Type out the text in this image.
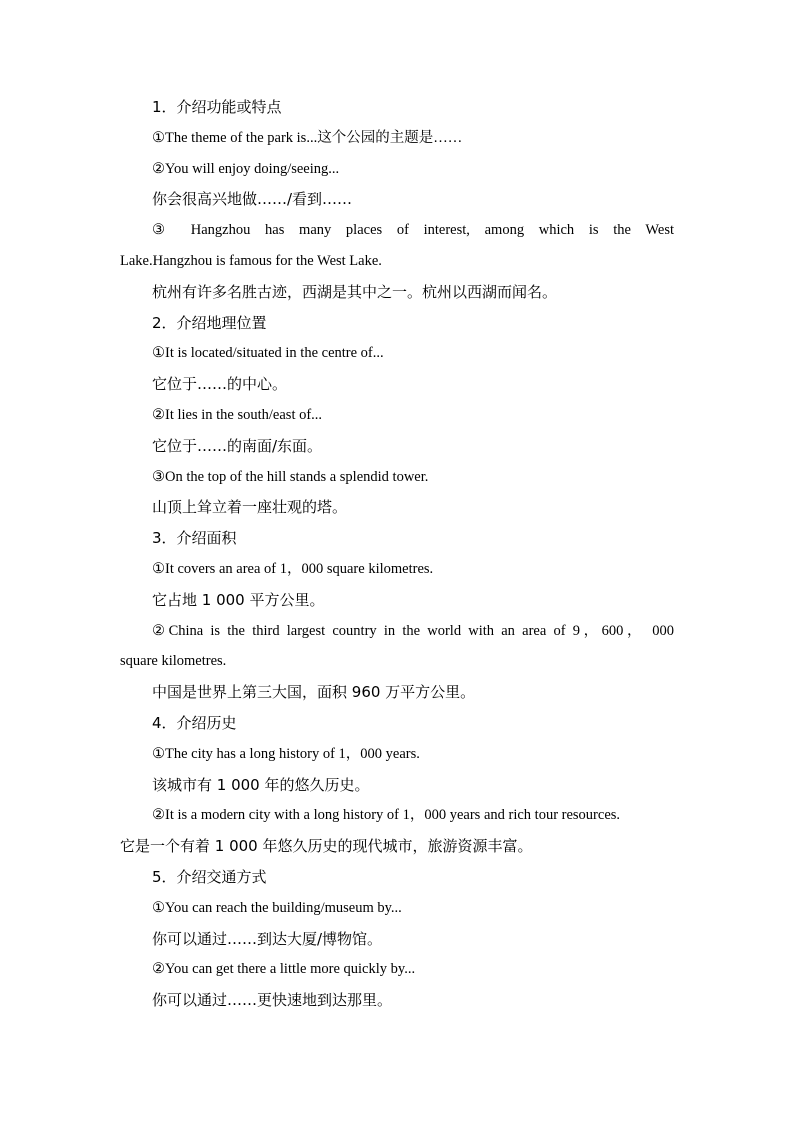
1．介绍功能或特点
①The theme of the park is...这个公园的主题是……
②You will enjoy doing/seeing...
你会很高兴地做……/看到……
③ Hangzhou has many places of interest, among which is the West
Lake.Hangzhou is famous for the West Lake.
杭州有许多名胜古迹，西湖是其中之一。杭州以西湖而闻名。
2．介绍地理位置
①It is located/situated in the centre of...
它位于……的中心。
②It lies in the south/east of...
它位于……的南面/东面。
③On the top of the hill stands a splendid tower.
山顶上耸立着一座壮观的塔。
3．介绍面积
①It covers an area of 1，000 square kilometres.
它占地 1 000 平方公里。
②China is the third largest country in the world with an area of 9，600， 000
square kilometres.
中国是世界上第三大国，面积 960 万平方公里。
4．介绍历史
①The city has a long history of 1，000 years.
该城市有 1 000 年的悠久历史。
②It is a modern city with a long history of 1，000 years and rich tour resources.
它是一个有着 1 000 年悠久历史的现代城市，旅游资源丰富。
5．介绍交通方式
①You can reach the building/museum by...
你可以通过……到达大厦/博物馆。
②You can get there a little more quickly by...
你可以通过……更快速地到达那里。
